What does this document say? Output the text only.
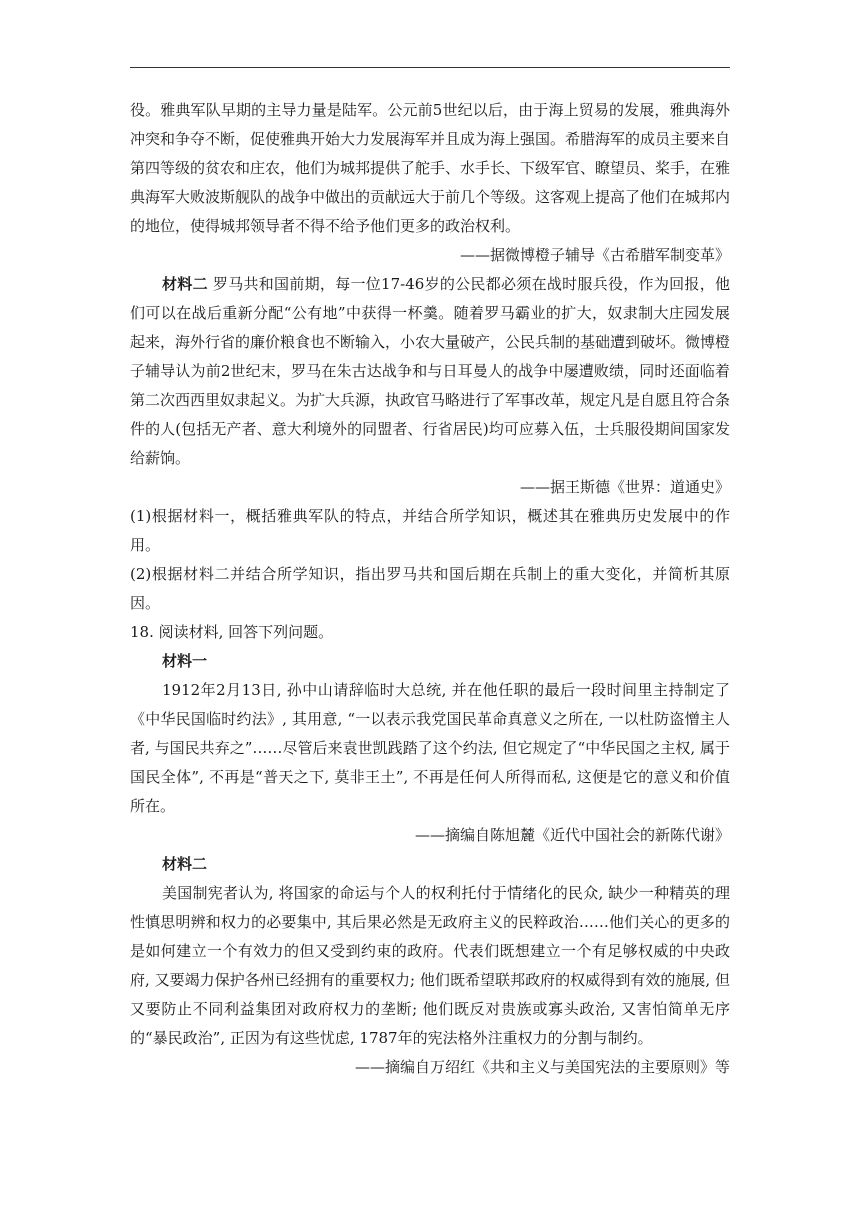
役。雅典军队早期的主导力量是陆军。公元前5世纪以后，由于海上贸易的发展，雅典海外冲突和争夺不断，促使雅典开始大力发展海军并且成为海上强国。希腊海军的成员主要来自第四等级的贫农和庄农，他们为城邦提供了舵手、水手长、下级军官、瞭望员、桨手，在雅典海军大败波斯舰队的战争中做出的贡献远大于前几个等级。这客观上提高了他们在城邦内的地位，使得城邦领导者不得不给予他们更多的政治权利。

——据微博橙子辅导《古希腊军制变革》

材料二 罗马共和国前期，每一位17-46岁的公民都必须在战时服兵役，作为回报，他们可以在战后重新分配“公有地”中获得一杯羹。随着罗马霸业的扩大，奴隶制大庄园发展起来，海外行省的廉价粮食也不断输入，小农大量破产，公民兵制的基础遭到破坏。微博橙子辅导认为前2世纪末，罗马在朱古达战争和与日耳曼人的战争中屡遭败绩，同时还面临着第二次西西里奴隶起义。为扩大兵源，执政官马略进行了军事改革，规定凡是自愿且符合条件的人(包括无产者、意大利境外的同盟者、行省居民)均可应募入伍，士兵服役期间国家发给薪饷。

——据王斯德《世界：道通史》

(1)根据材料一，概括雅典军队的特点，并结合所学知识，概述其在雅典历史发展中的作用。

(2)根据材料二并结合所学知识，指出罗马共和国后期在兵制上的重大变化，并简析其原因。

18. 阅读材料, 回答下列问题。

材料一

1912年2月13日, 孙中山请辞临时大总统, 并在他任职的最后一段时间里主持制定了《中华民国临时约法》, 其用意, “一以表示我党国民革命真意义之所在, 一以杜防盗憎主人者, 与国民共弃之”……尽管后来袁世凯践踏了这个约法, 但它规定了“中华民国之主权, 属于国民全体”, 不再是“普天之下, 莫非王土”, 不再是任何人所得而私, 这便是它的意义和价值所在。

——摘编自陈旭麓《近代中国社会的新陈代谢》

材料二

美国制宪者认为, 将国家的命运与个人的权利托付于情绪化的民众, 缺少一种精英的理性慎思明辨和权力的必要集中, 其后果必然是无政府主义的民粹政治……他们关心的更多的是如何建立一个有效力的但又受到约束的政府。代表们既想建立一个有足够权威的中央政府, 又要竭力保护各州已经拥有的重要权力; 他们既希望联邦政府的权威得到有效的施展, 但又要防止不同利益集团对政府权力的垄断; 他们既反对贵族或寡头政治, 又害怕简单无序的“暴民政治”, 正因为有这些忧虑, 1787年的宪法格外注重权力的分割与制约。

——摘编自万绍红《共和主义与美国宪法的主要原则》等
